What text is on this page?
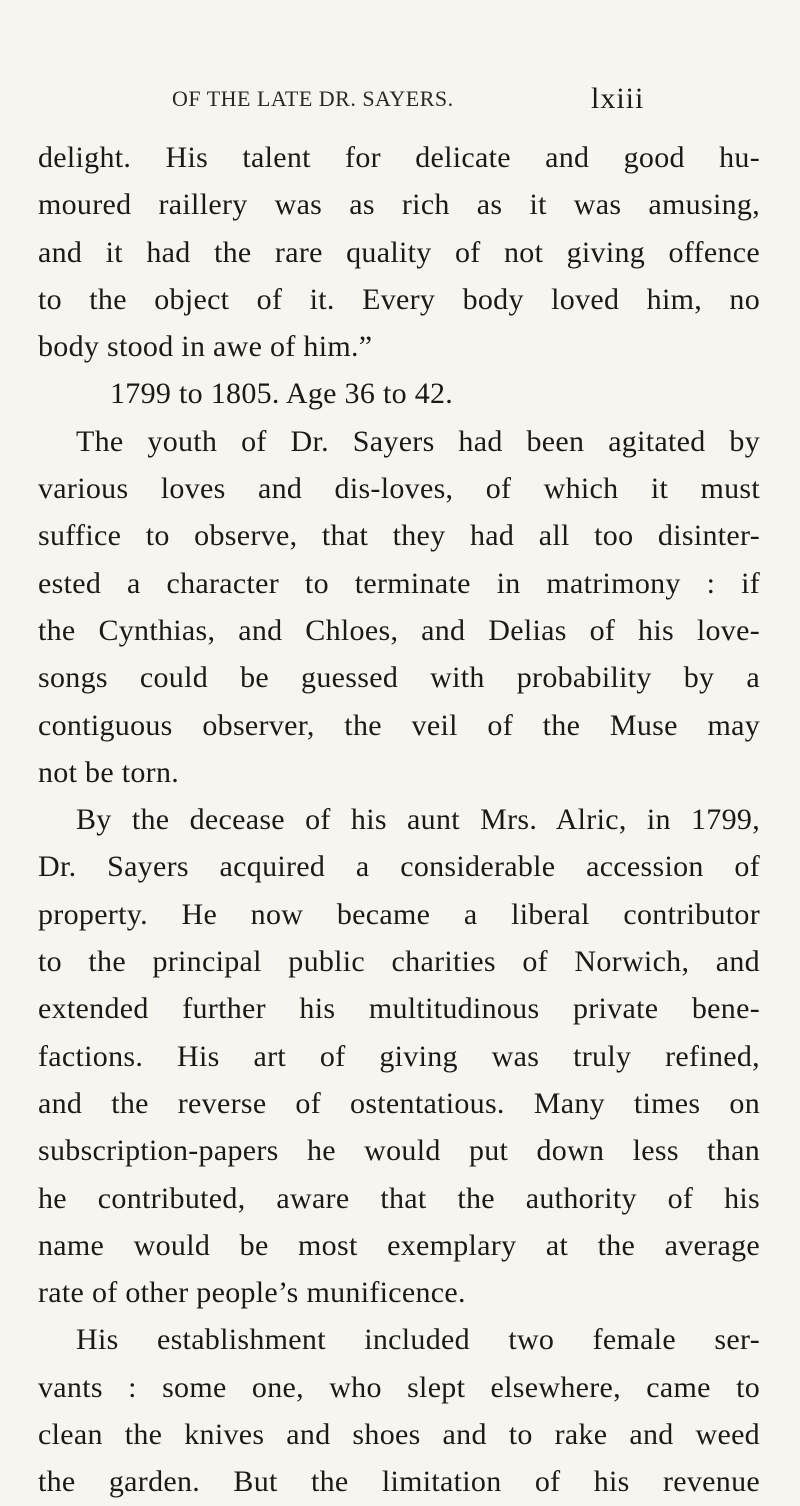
OF THE LATE DR. SAYERS.	lxiii
delight. His talent for delicate and good hu-
moured raillery was as rich as it was amusing,
and it had the rare quality of not giving offence
to the object of it. Every body loved him, no
body stood in awe of him.”
1799 to 1805. Age 36 to 42.
The youth of Dr. Sayers had been agitated by
various loves and dis-loves, of which it must
suffice to observe, that they had all too disinter-
ested a character to terminate in matrimony : if
the Cynthias, and Chloes, and Delias of his love-
songs could be guessed with probability by a
contiguous observer, the veil of the Muse may
not be torn.
By the decease of his aunt Mrs. Alric, in 1799,
Dr. Sayers acquired a considerable accession of
property. He now became a liberal contributor
to the principal public charities of Norwich, and
extended further his multitudinous private bene-
factions. His art of giving was truly refined,
and the reverse of ostentatious. Many times on
subscription-papers he would put down less than
he contributed, aware that the authority of his
name would be most exemplary at the average
rate of other people’s munificence.
His establishment included two female ser-
vants : some one, who slept elsewhere, came to
clean the knives and shoes and to rake and weed
the garden. But the limitation of his revenue
